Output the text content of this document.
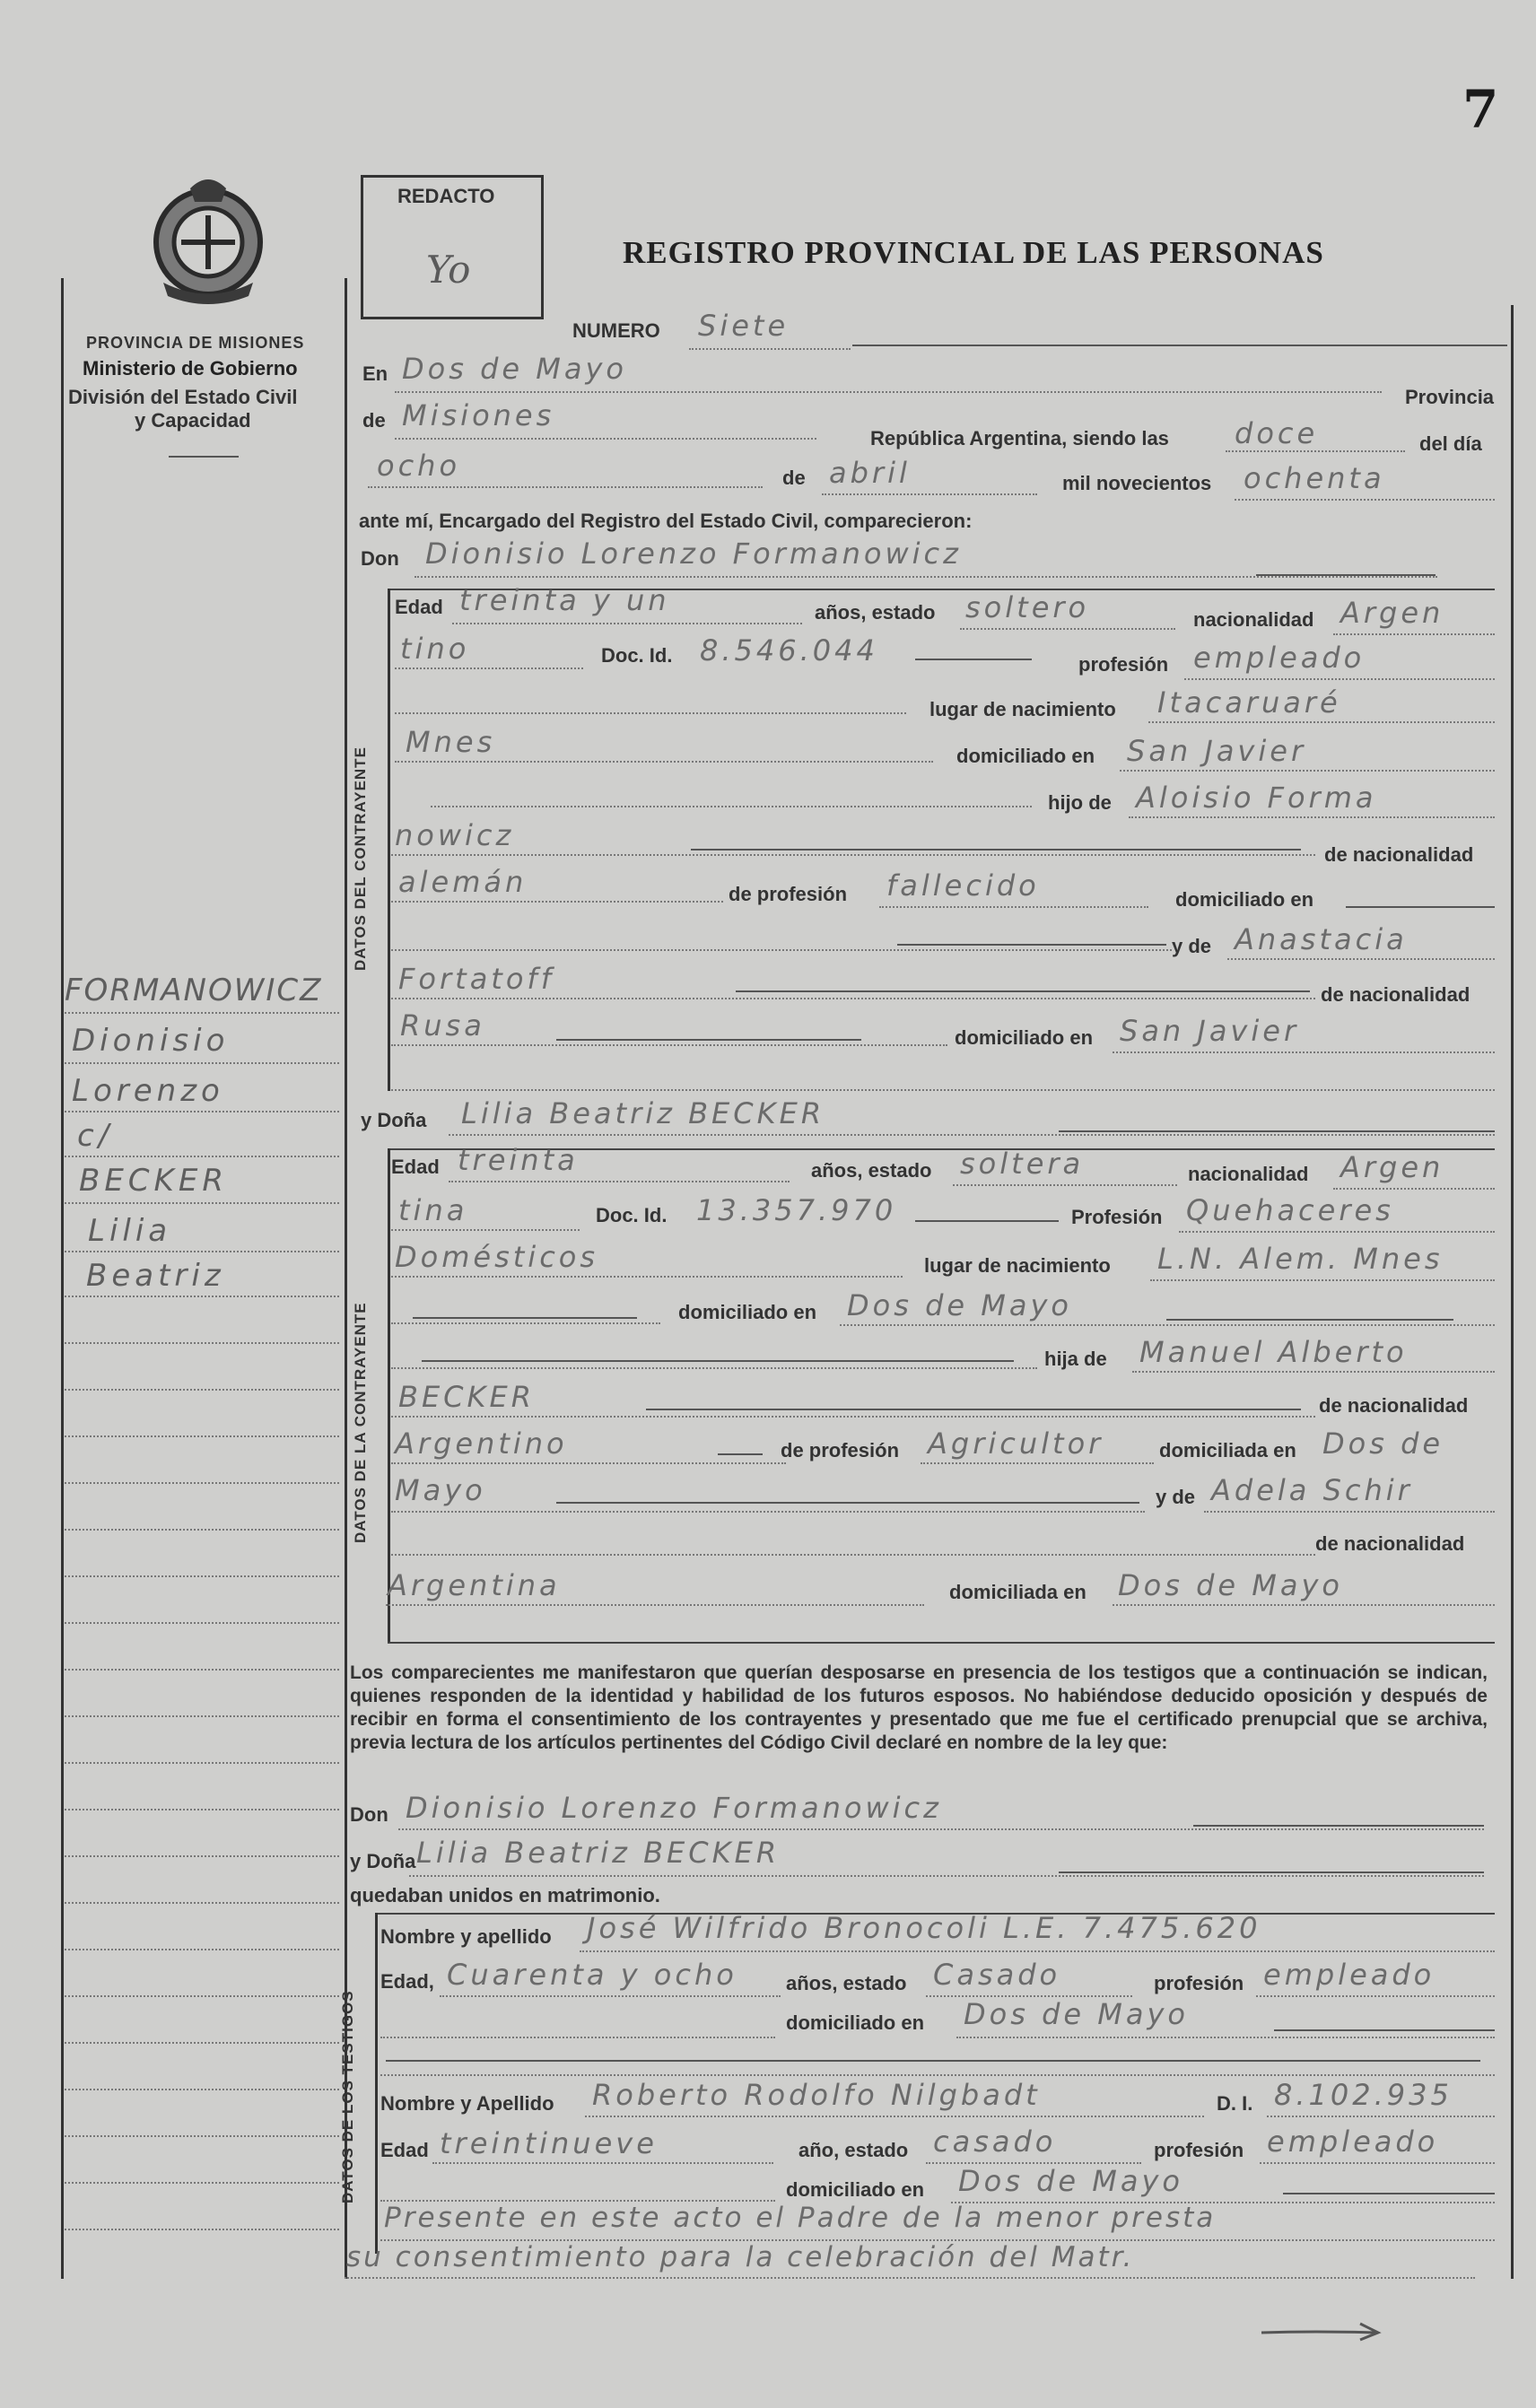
7
PROVINCIA DE MISIONES
Ministerio de Gobierno
División del Estado Civil
y Capacidad
REDACTO
Yo	REGISTRO PROVINCIAL DE LAS PERSONAS
NUMERO Siete
En Dos de Mayo
Provincia
de Misiones
República Argentina, siendo las doce	del día
ocho	de abril	mil novecientos ochenta
ante mí, Encargado del Registro del Estado Civil, comparecieron:
Don Dionisio Lorenzo Formanowicz
DATOS DEL CONTRAYENTE
Edad treinta y un	años, estado soltero	nacionalidad Argen
tino	Doc. Id. 8.546.044	profesión empleado
lugar de nacimiento Itacaruaré
Mnes	domiciliado en San Javier
hijo de Aloisio Forma
nowicz
de nacionalidad
alemán	de profesión fallecido	domiciliado en
y de Anastacia
Fortatoff	de nacionalidad
Rusa	domiciliado en San Javier
y Doña Lilia Beatriz BECKER
DATOS DE LA CONTRAYENTE
Edad treinta	años, estado soltera	nacionalidad Argen
tina	Doc. Id. 13.357.970	Profesión Quehaceres
Domésticos	lugar de nacimiento L.N. Alem. Mnes
domiciliado en Dos de Mayo
hija de Manuel Alberto
BECKER	de nacionalidad
Argentino	de profesión Agricultor	domiciliada en Dos de
Mayo	y de Adela Schir
de nacionalidad
Argentina	domiciliada en Dos de Mayo
Los comparecientes me manifestaron que querían desposarse en presencia de los testigos que a continuación se indican, quienes responden de la identidad y habilidad de los futuros esposos. No habiéndose deducido oposición y después de recibir en forma el consentimiento de los contrayentes y presentado que me fue el certificado prenupcial que se archiva, previa lectura de los artículos pertinentes del Código Civil declaré en nombre de la ley que:
Don Dionisio Lorenzo Formanowicz
y Doña Lilia Beatriz BECKER
quedaban unidos en matrimonio.
DATOS DE LOS TESTIGOS
Nombre y apellido José Wilfrido Bronocoli L.E. 7.475.620
Edad, Cuarenta y ocho años, estado Casado	profesión empleado
domiciliado en Dos de Mayo
Nombre y Apellido Roberto Rodolfo Nilgbadt	D. I. 8.102.935
Edad treintinueve	año, estado casado	profesión empleado
domiciliado en Dos de Mayo
Presente en este acto el Padre de la menor presta
su consentimiento para la celebración del Matr.
FORMANOWICZ
Dionisio
Lorenzo
c/
BECKER
Lilia
Beatriz
